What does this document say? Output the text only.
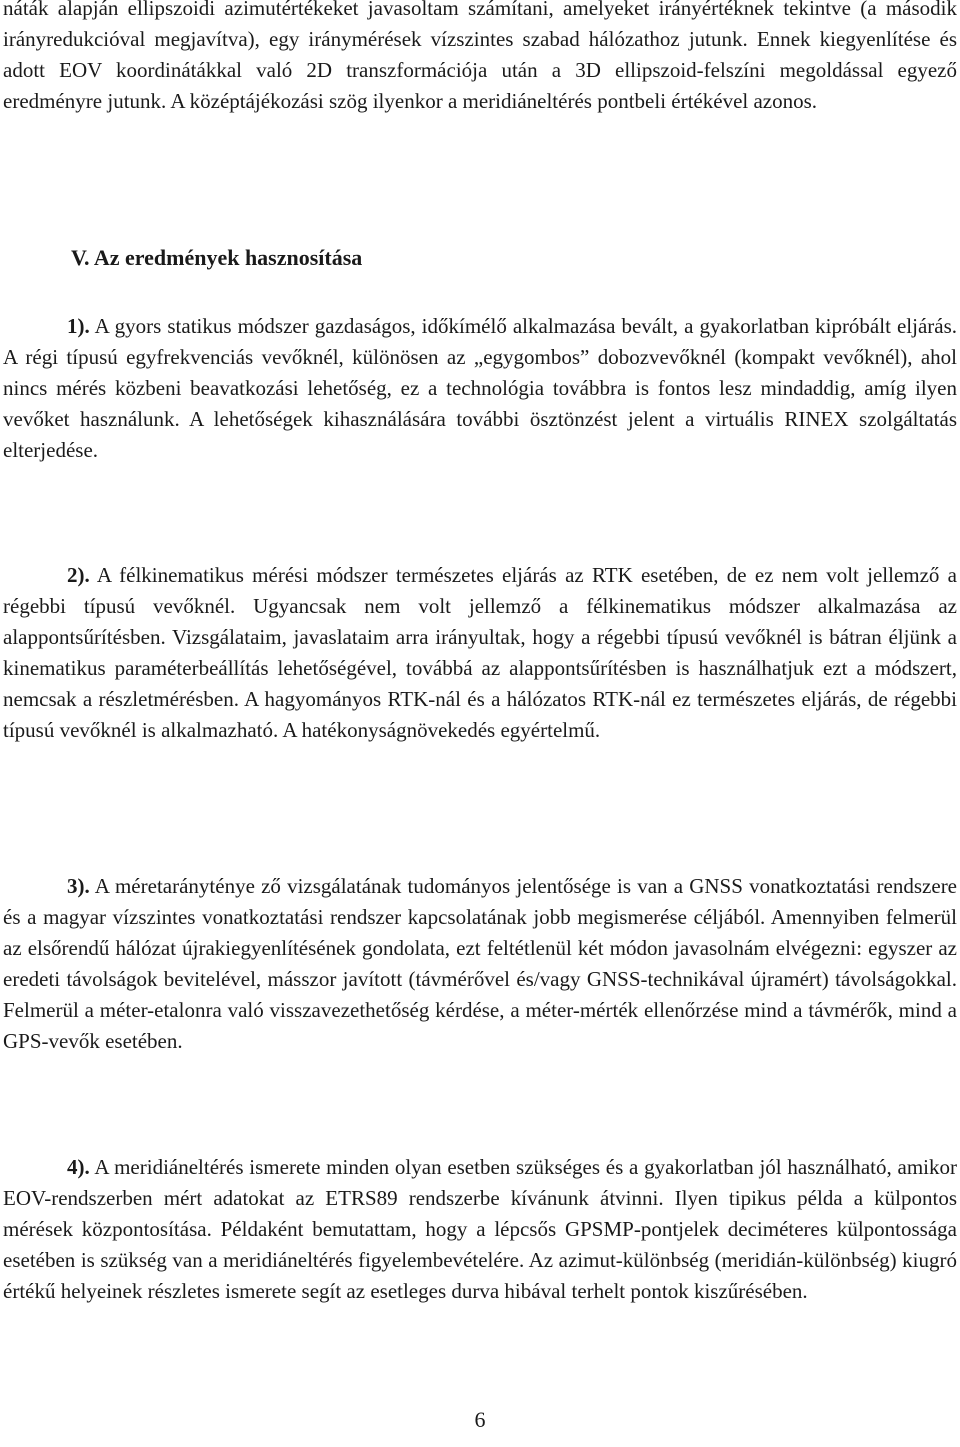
náták alapján ellipszoidi azimutértékeket javasoltam számítani, amelyeket irányértéknek tekintve (a második irányredukcióval megjavítva), egy iránymérések vízszintes szabad hálózathoz jutunk. Ennek kiegyenlítése és adott EOV koordinátákkal való 2D transzformációja után a 3D ellipszoid-felszíni megoldással egyező eredményre jutunk. A középtájékozási szög ilyenkor a meridiáneltérés pontbeli értékével azonos.

V. Az eredmények hasznosítása

1). A gyors statikus módszer gazdaságos, időkímélő alkalmazása bevált, a gyakorlatban kipróbált eljárás. A régi típusú egyfrekvenciás vevőknél, különösen az „egygombos” dobozvevőknél (kompakt vevőknél), ahol nincs mérés közbeni beavatkozási lehetőség, ez a technológia továbbra is fontos lesz mindaddig, amíg ilyen vevőket használunk. A lehetőségek kihasználására további ösztönzést jelent a virtuális RINEX szolgáltatás elterjedése.

2). A félkinematikus mérési módszer természetes eljárás az RTK esetében, de ez nem volt jellemző a régebbi típusú vevőknél. Ugyancsak nem volt jellemző a félkinematikus módszer alkalmazása az alappontsűrítésben. Vizsgálataim, javaslataim arra irányultak, hogy a régebbi típusú vevőknél is bátran éljünk a kinematikus paraméterbeállítás lehetőségével, továbbá az alappontsűrítésben is használhatjuk ezt a módszert, nemcsak a részletmérésben. A hagyományos RTK-nál és a hálózatos RTK-nál ez természetes eljárás, de régebbi típusú vevőknél is alkalmazható. A hatékonyságnövekedés egyértelmű.

3). A méretarányténye ző vizsgálatának tudományos jelentősége is van a GNSS vonatkoztatási rendszere és a magyar vízszintes vonatkoztatási rendszer kapcsolatának jobb megismerése céljából. Amennyiben felmerül az elsőrendű hálózat újrakiegyenlítésének gondolata, ezt feltétlenül két módon javasolnám elvégezni: egyszer az eredeti távolságok bevitelével, másszor javított (távmérővel és/vagy GNSS-technikával újramért) távolságokkal. Felmerül a méter-etalonra való visszavezethetőség kérdése, a méter-mérték ellenőrzése mind a távmérők, mind a GPS-vevők esetében.

4). A meridiáneltérés ismerete minden olyan esetben szükséges és a gyakorlatban jól használható, amikor EOV-rendszerben mért adatokat az ETRS89 rendszerbe kívánunk átvinni. Ilyen tipikus példa a külpontos mérések központosítása. Példaként bemutattam, hogy a lépcsős GPSMP-pontjelek deciméteres külpontossága esetében is szükség van a meridiáneltérés figyelembevételére. Az azimut-különbség (meridián-különbség) kiugró értékű helyeinek részletes ismerete segít az esetleges durva hibával terhelt pontok kiszűrésében.

6
